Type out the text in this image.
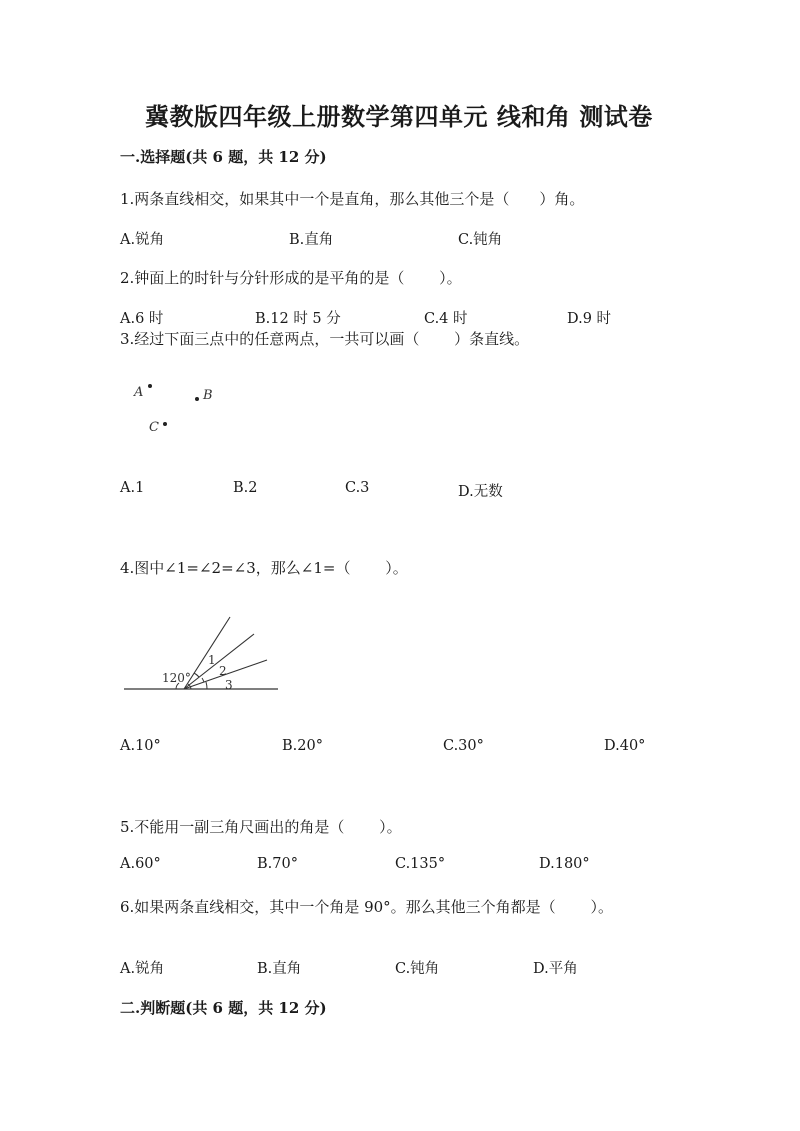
冀教版四年级上册数学第四单元 线和角 测试卷
一.选择题(共 6 题，共 12 分)
1.两条直线相交，如果其中一个是直角，那么其他三个是（　　）角。
A.锐角	B.直角	C.钝角
2.钟面上的时针与分针形成的是平角的是（　　 ）。
A.6 时	B.12 时 5 分	C.4 时	D.9 时
3.经过下面三点中的任意两点，一共可以画（　　 ）条直线。
A	B
C
A.1	B.2	C.3	D.无数
4.图中∠1=∠2=∠3，那么∠1=（　　 ）。
120°
1
2
3
A.10°	B.20°	C.30°	D.40°
5.不能用一副三角尺画出的角是（　　 ）。
A.60°	B.70°	C.135°	D.180°
6.如果两条直线相交，其中一个角是 90°。那么其他三个角都是（　　 ）。
A.锐角	B.直角	C.钝角	D.平角
二.判断题(共 6 题，共 12 分)
